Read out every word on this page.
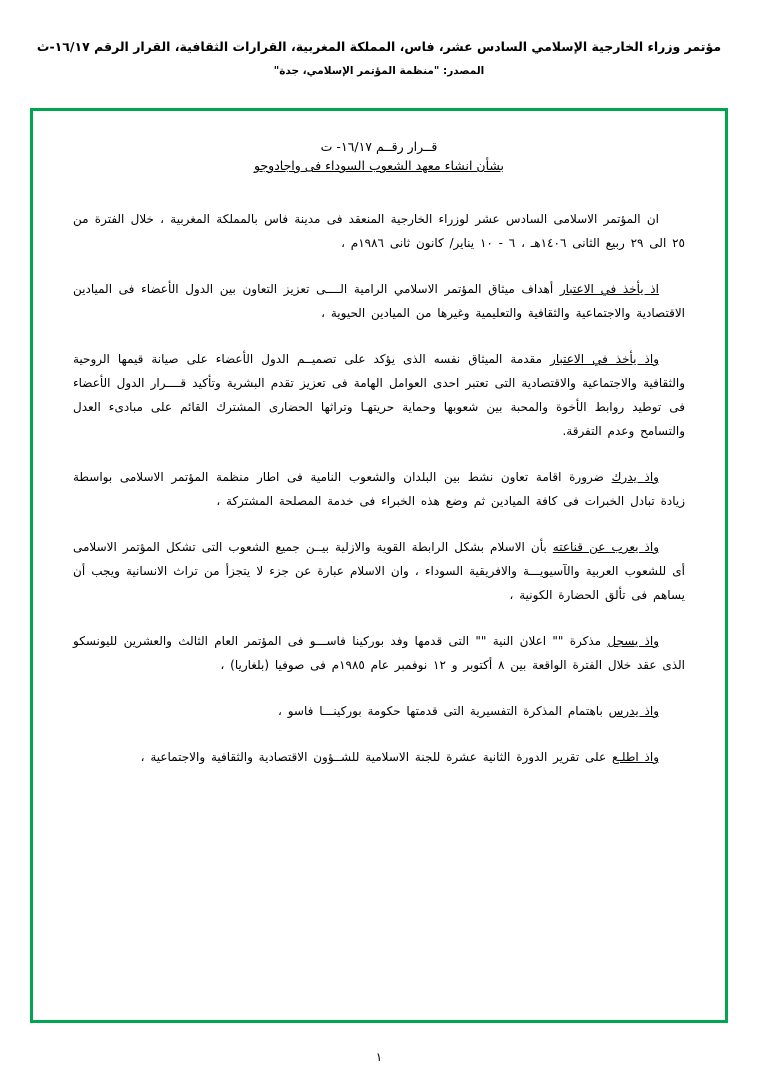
مؤتمر وزراء الخارجية الإسلامي السادس عشر، فاس، المملكة المغربية، القرارات الثقافية، القرار الرقم ١٦/١٧-ث
المصدر: "منظمة المؤتمر الإسلامي، جدة"
قــرار رقــم ١٦/١٧- ت
بشأن انشاء معهد الشعوب السوداء فى واجادوجو

ان المؤتمر الاسلامى السادس عشر لوزراء الخارجية المنعقد فى مدينة فاس بالمملكة المغربية ، خلال الفترة من ٢٥ الى ٢٩ ربيع الثانى ١٤٠٦هـ ، ٦ - ١٠ يناير/ كانون ثانى ١٩٨٦م ،

اذ يأخذ في الاعتبار أهداف ميثاق المؤتمر الاسلامي الرامية الــــى تعزيز التعاون بين الدول الأعضاء فى الميادين الاقتصادية والاجتماعية والثقافية والتعليمية وغيرها من الميادين الحيوية ،

واذ يأخذ في الاعتبار مقدمة الميثاق نفسه الذى يؤكد على تصميــم الدول الأعضاء على صيانة قيمها الروحية والثقافية والاجتماعية والاقتصادية التى تعتبر احدى العوامل الهامة فى تعزيز تقدم البشرية وتأكيد قــــرار الدول الأعضاء فى توطيد روابط الأخوة والمحبة بين شعوبها وحماية حريتهـا وتراثها الحضارى المشترك القائم على مبادىء العدل والتسامح وعدم التفرقة.

واذ يدرك ضرورة اقامة تعاون نشط بين البلدان والشعوب النامية فى اطار منظمة المؤتمر الاسلامى بواسطة زيادة تبادل الخبرات فى كافة الميادين ثم وضع هذه الخبراء فى خدمة المصلحة المشتركة ،

واذ يعرب عن قناعته بأن الاسلام بشكل الرابطة القوية والازلية بيــن جميع الشعوب التى تشكل المؤتمر الاسلامى أى للشعوب العربية والآسيويـــة والافريقية السوداء ، وان الاسلام عبارة عن جزء لا يتجزأ من تراث الانسانية ويجب أن يساهم فى تألق الحضارة الكونية ،

واذ يسجل مذكرة "" اعلان النية "" التى قدمها وفد بوركينا فاســـو فى المؤتمر العام الثالث والعشرين لليونسكو الذى عقد خلال الفترة الواقعة بين ٨ أكتوبر و ١٢ نوفمبر عام ١٩٨٥م فى صوفيا (بلغاريا) ،

واذ يدرس باهتمام المذكرة التفسيرية التى قدمتها حكومة بوركينـــا فاسو ،

واذ اطلـع على تقرير الدورة الثانية عشرة للجنة الاسلامية للشــؤون الاقتصادية والثقافية والاجتماعية ،

١
